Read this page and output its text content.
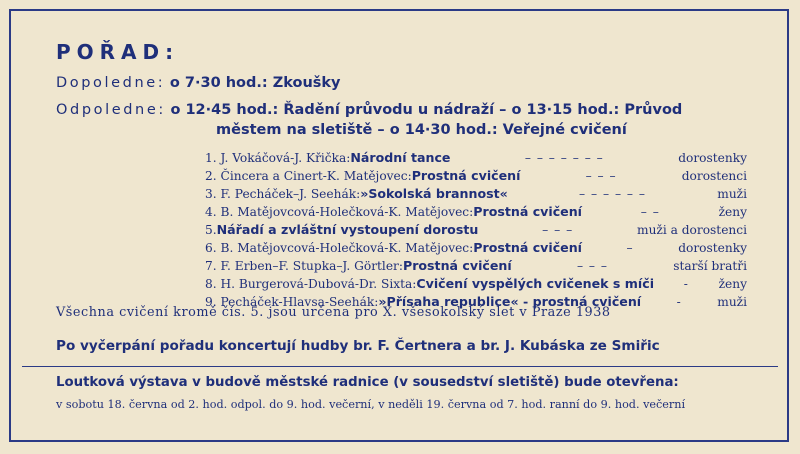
POŘAD:
Dopoledne: o 7·30 hod.: Zkoušky
Odpoledne: o 12·45 hod.: Řadění průvodu u nádraží – o 13·15 hod.: Průvod
městem na sletiště – o 14·30 hod.: Veřejné cvičení
1. J. Vokáčová-J. Křička: Národní tance	– – – – – – –	dorostenky
2. Čincera a Cinert-K. Matějovec: Prostná cvičení	– – –	dorostenci
3. F. Pecháček–J. Seehák: »Sokolská brannost«	– – – – – –	muži
4. B. Matějovcová-Holečková-K. Matějovec: Prostná cvičení	– –	ženy
5. Nářadí a zvláštní vystoupení dorostu	– – –	muži a dorostenci
6. B. Matějovcová-Holečková-K. Matějovec: Prostná cvičení	–	dorostenky
7. F. Erben–F. Stupka–J. Görtler: Prostná cvičení	– – –	starší bratři
8. H. Burgerová-Dubová-Dr. Sixta: Cvičení vyspělých cvičenek s míči	-	ženy
9. Pecháček-Hlavsa-Seehák: »Přísaha republice« - prostná cvičení	-	muži
Všechna cvičení kromě čís. 5. jsou určena pro X. všesokolský slet v Praze 1938
Po vyčerpání pořadu koncertují hudby br. F. Čertnera a br. J. Kubáska ze Smiřic
Loutková výstava v budově městské radnice (v sousedství sletiště) bude otevřena:
v sobotu 18. června od 2. hod. odpol. do 9. hod. večerní, v neděli 19. června od 7. hod. ranní do 9. hod. večerní
